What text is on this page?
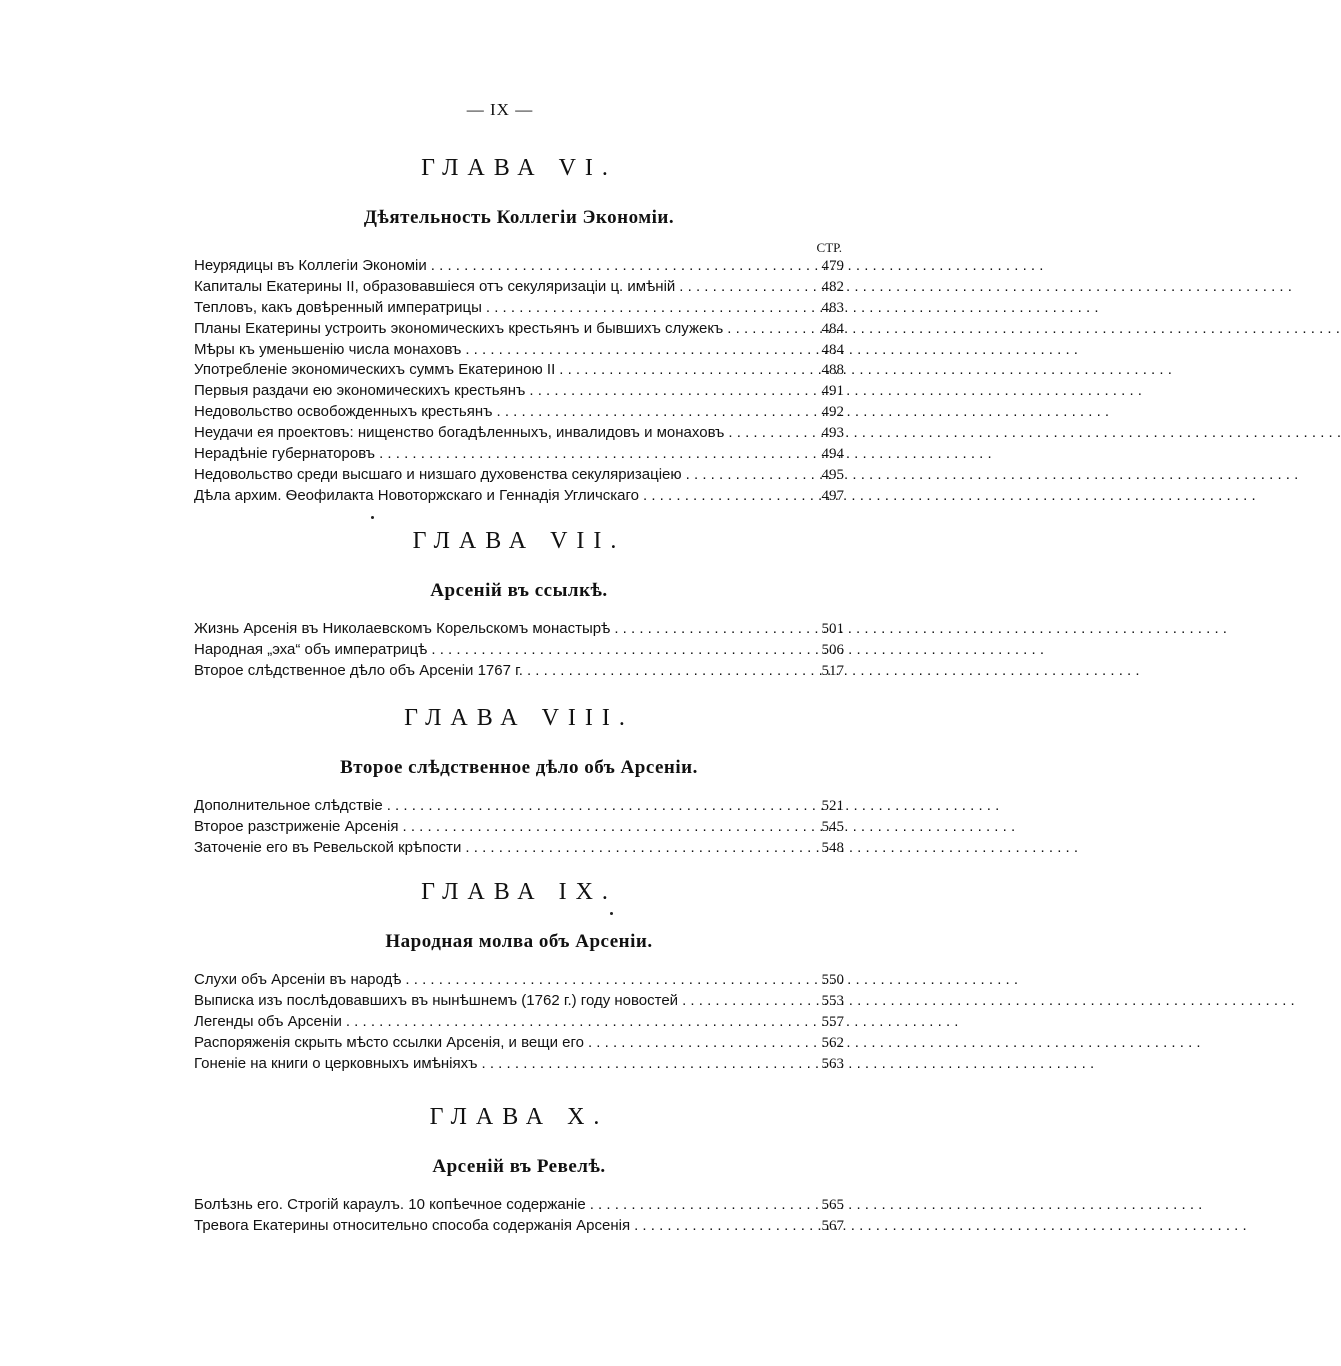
— IX —
ГЛАВА VI.
Дѣятельность Коллегіи Экономіи.
СТР.
Неурядицы въ Коллегіи Экономіи . . .	479
Капиталы Екатерины II, образовавшіеся отъ секуляризаціи ц. имѣній . . .	482
Тепловъ, какъ довѣренный императрицы . . .	483
Планы Екатерины устроить экономическихъ крестьянъ и бывшихъ служекъ . . .	484
Мѣры къ уменьшенію числа монаховъ . . .	484
Употребленіе экономическихъ суммъ Екатериною II . . .	488
Первыя раздачи ею экономическихъ крестьянъ . . .	491
Недовольство освобожденныхъ крестьянъ . . .	492
Неудачи ея проектовъ: нищенство богадѣленныхъ, инвалидовъ и монаховъ . . .	493
Нерадѣніе губернаторовъ . . .	494
Недовольство среди высшаго и низшаго духовенства секуляризаціею . . .	495
Дѣла архим. Ѳеофилакта Новоторжскаго и Геннадія Угличскаго . . .	497
ГЛАВА VII.
Арсеній въ ссылкѣ.
Жизнь Арсенія въ Николаевскомъ Корельскомъ монастырѣ . . .	501
Народная „эха“ объ императрицѣ . . .	506
Второе слѣдственное дѣло объ Арсеніи 1767 г. . . .	517
ГЛАВА VIII.
Второе слѣдственное дѣло объ Арсеніи.
Дополнительное слѣдствіе . . .	521
Второе разстриженіе Арсенія . . .	545
Заточеніе его въ Ревельской крѣпости . . .	548
ГЛАВА IX.
Народная молва объ Арсеніи.
Слухи объ Арсеніи въ народѣ . . .	550
Выписка изъ послѣдовавшихъ въ нынѣшнемъ (1762 г.) году новостей . . .	553
Легенды объ Арсеніи . . .	557
Распоряженія скрыть мѣсто ссылки Арсенія, и вещи его . . .	562
Гоненіе на книги о церковныхъ имѣніяхъ . . .	563
ГЛАВА X.
Арсеній въ Ревелѣ.
Болѣзнь его. Строгій караулъ. 10 копѣечное содержаніе . . .	565
Тревога Екатерины относительно способа содержанія Арсенія . . .	567
